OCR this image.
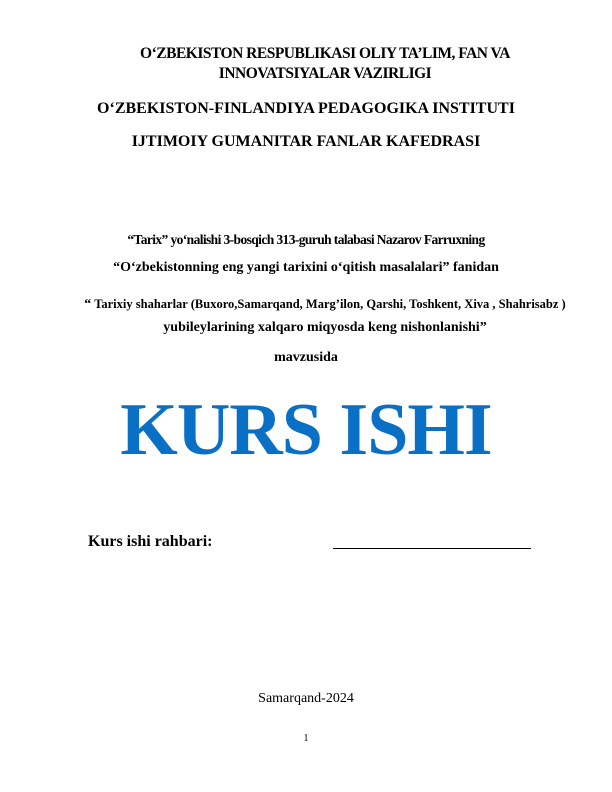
O‘ZBEKISTON RESPUBLIKASI OLIY TA’LIM, FAN VA INNOVATSIYALAR VAZIRLIGI

O‘ZBEKISTON-FINLANDIYA PEDAGOGIKA INSTITUTI

IJTIMOIY GUMANITAR FANLAR KAFEDRASI

“Tarix” yo‘nalishi 3-bosqich 313-guruh talabasi Nazarov Farruxning

“O‘zbekistonning eng yangi tarixini o‘qitish masalalari” fanidan

“ Tarixiy shaharlar (Buxoro,Samarqand, Marg’ilon, Qarshi, Toshkent, Xiva , Shahrisabz ) yubileylarining xalqaro miqyosda keng nishonlanishi”

mavzusida

KURS ISHI

Kurs ishi rahbari:
Samarqand-2024
1
